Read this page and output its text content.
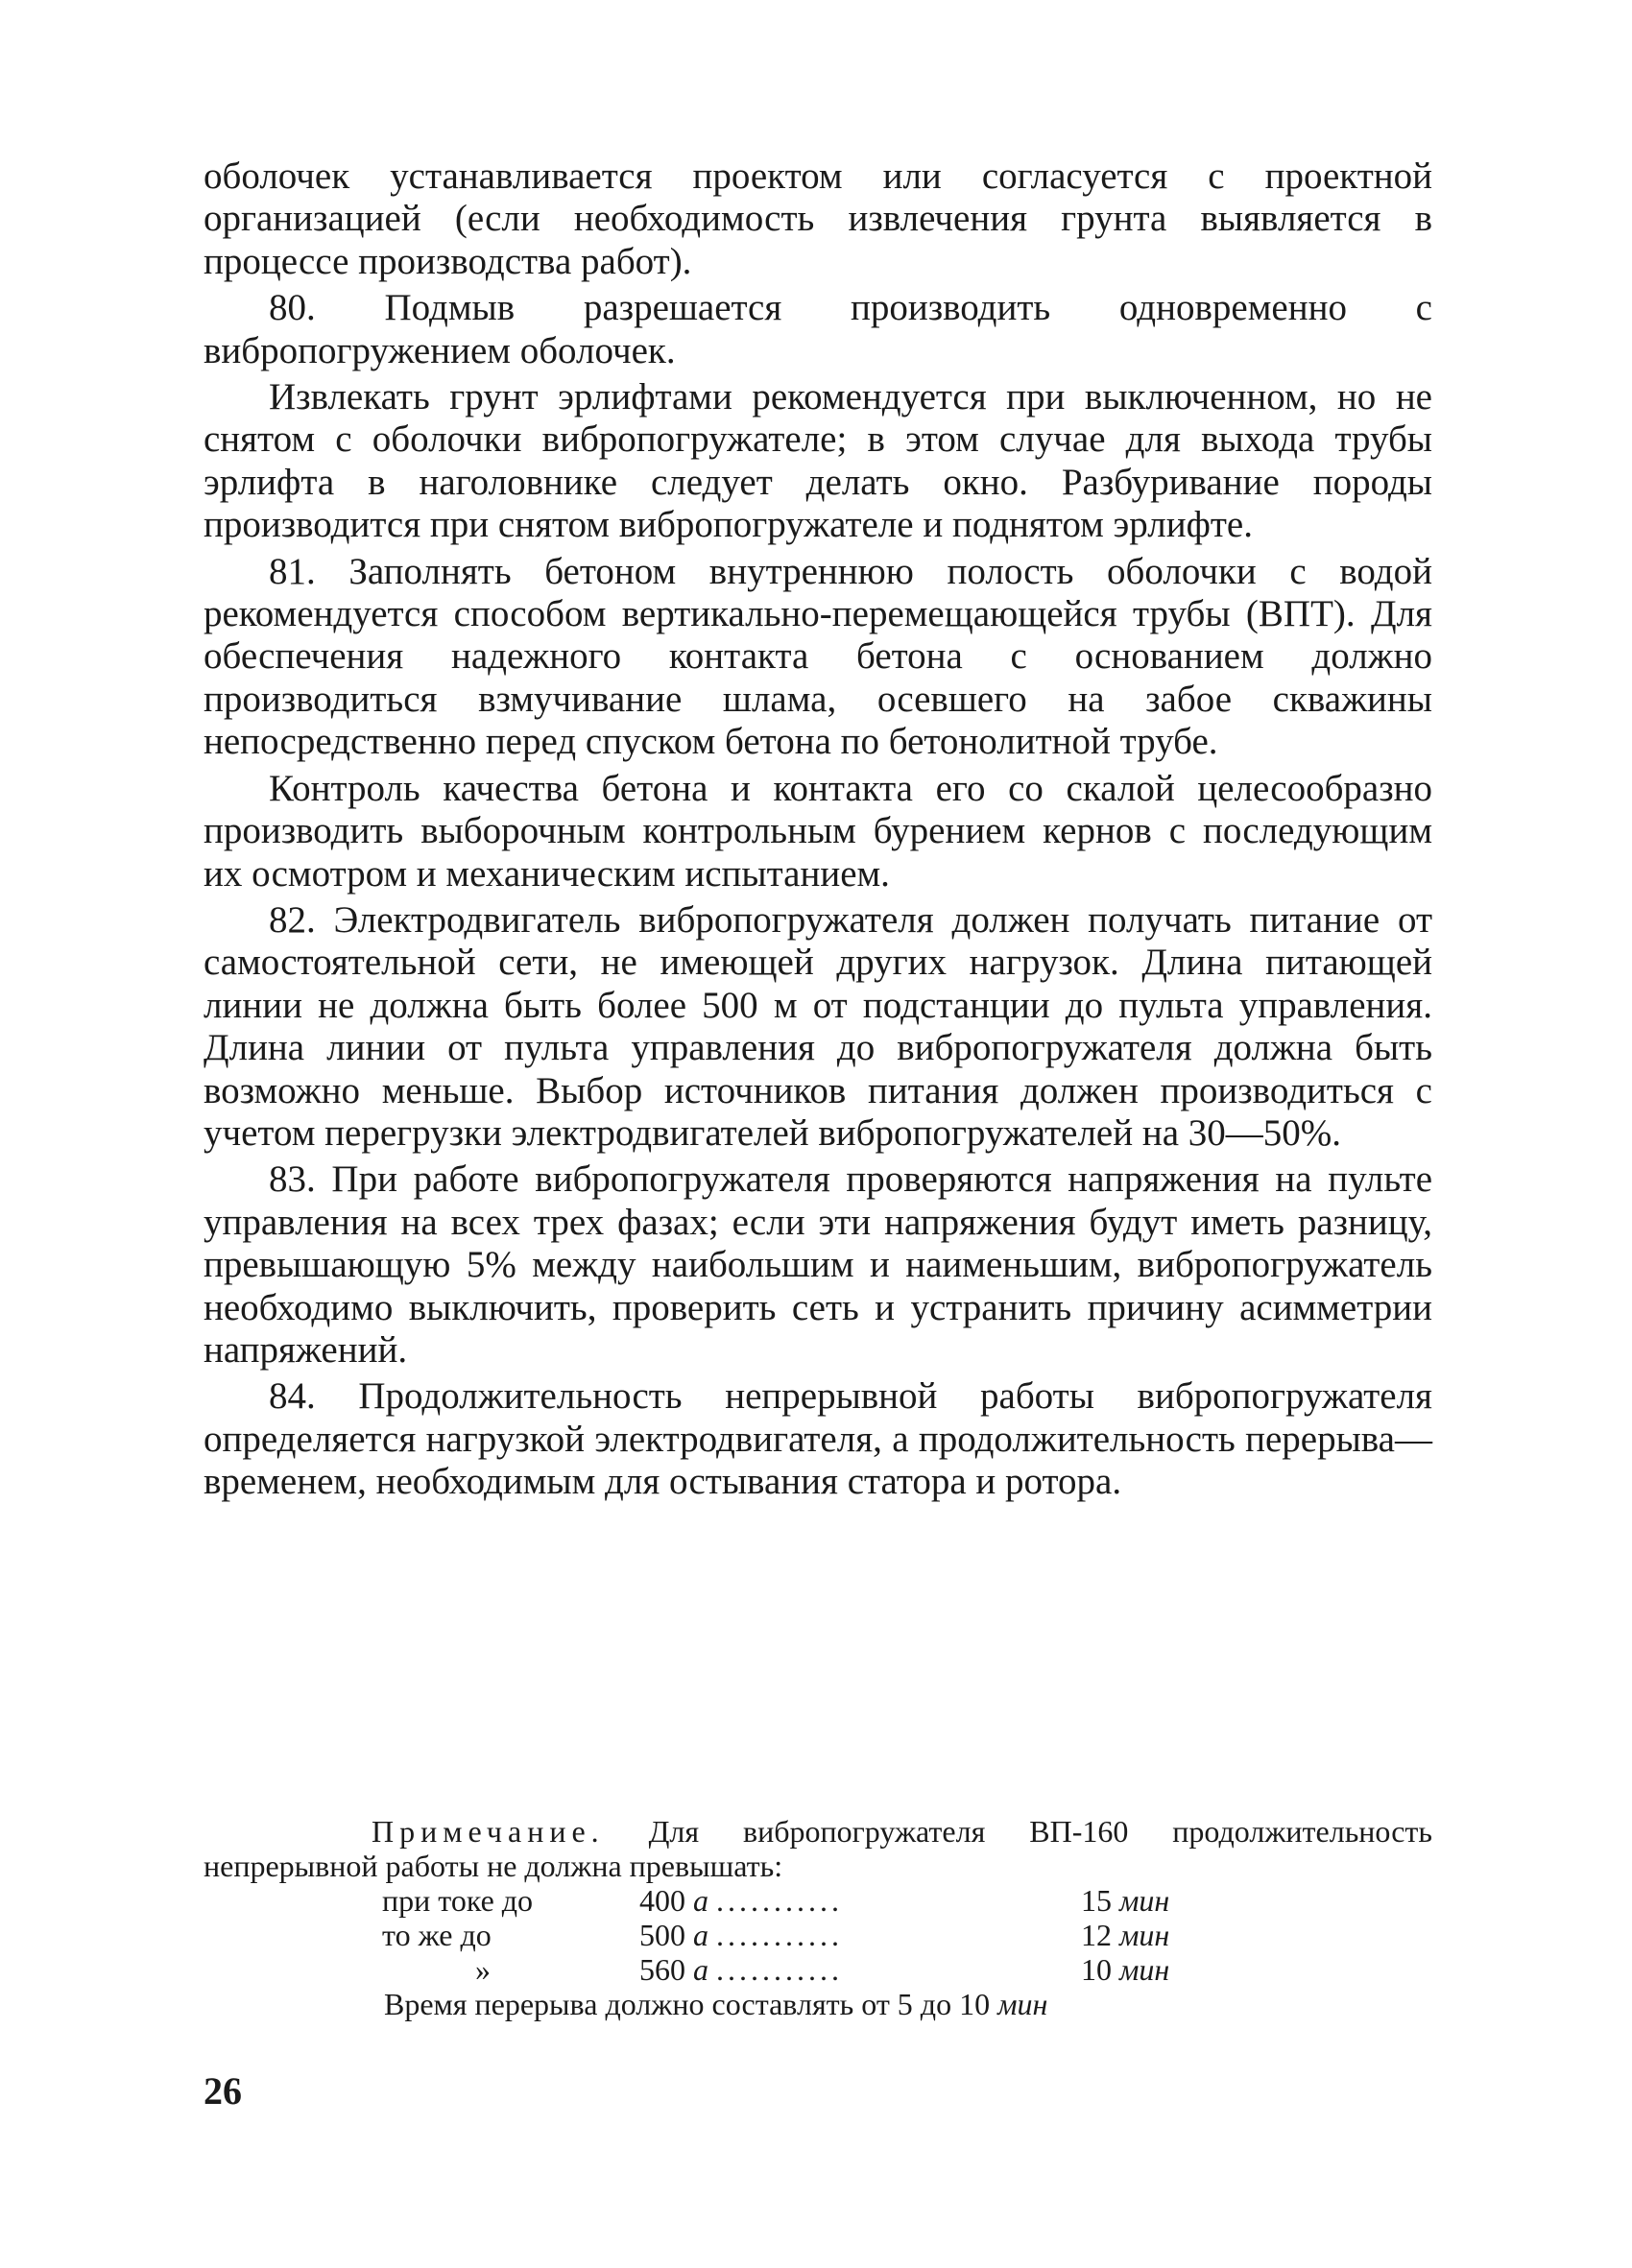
оболочек устанавливается проектом или согласуется с проектной организацией (если необходимость извлечения грунта выявляется в процессе производства работ).

80. Подмыв разрешается производить одновременно с вибропогружением оболочек.

Извлекать грунт эрлифтами рекомендуется при выключенном, но не снятом с оболочки вибропогружателе; в этом случае для выхода трубы эрлифта в наголовнике следует делать окно. Разбуривание породы производится при снятом вибропогружателе и поднятом эрлифте.

81. Заполнять бетоном внутреннюю полость оболочки с водой рекомендуется способом вертикально-перемещающейся трубы (ВПТ). Для обеспечения надежного контакта бетона с основанием должно производиться взмучивание шлама, осевшего на забое скважины непосредственно перед спуском бетона по бетонолитной трубе.

Контроль качества бетона и контакта его со скалой целесообразно производить выборочным контрольным бурением кернов с последующим их осмотром и механическим испытанием.

82. Электродвигатель вибропогружателя должен получать питание от самостоятельной сети, не имеющей других нагрузок. Длина питающей линии не должна быть более 500 м от подстанции до пульта управления. Длина линии от пульта управления до вибропогружателя должна быть возможно меньше. Выбор источников питания должен производиться с учетом перегрузки электродвигателей вибропогружателей на 30—50%.

83. При работе вибропогружателя проверяются напряжения на пульте управления на всех трех фазах; если эти напряжения будут иметь разницу, превышающую 5% между наибольшим и наименьшим, вибропогружатель необходимо выключить, проверить сеть и устранить причину асимметрии напряжений.

84. Продолжительность непрерывной работы вибропогружателя определяется нагрузкой электродвигателя, а продолжительность перерыва—временем, необходимым для остывания статора и ротора.

Примечание. Для вибропогружателя ВП-160 продолжительность непрерывной работы не должна превышать:

при токе до	400 а	...........	15 мин
то же до	500 а	...........	12 мин
»	560 а	...........	10 мин

Время перерыва должно составлять от 5 до 10 мин

26
